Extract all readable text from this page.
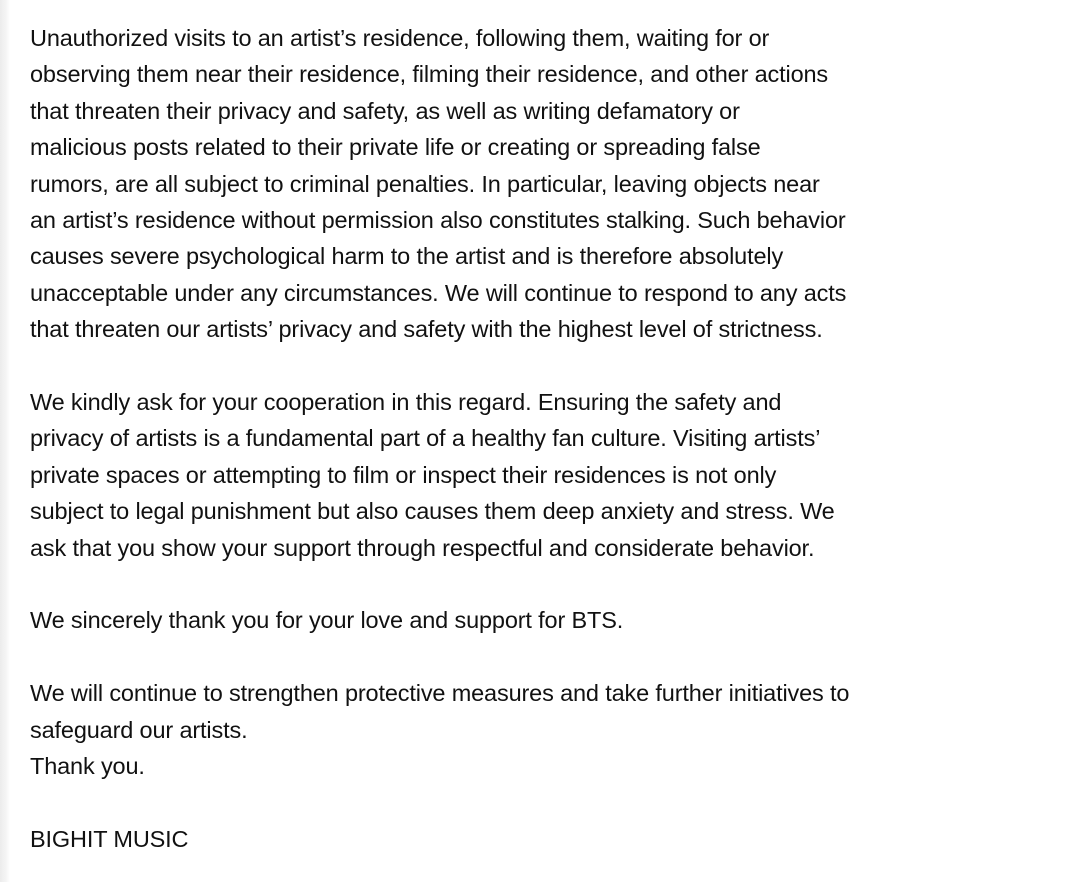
Unauthorized visits to an artist’s residence, following them, waiting for or
observing them near their residence, filming their residence, and other actions
that threaten their privacy and safety, as well as writing defamatory or
malicious posts related to their private life or creating or spreading false
rumors, are all subject to criminal penalties. In particular, leaving objects near
an artist’s residence without permission also constitutes stalking. Such behavior
causes severe psychological harm to the artist and is therefore absolutely
unacceptable under any circumstances. We will continue to respond to any acts
that threaten our artists’ privacy and safety with the highest level of strictness.

We kindly ask for your cooperation in this regard. Ensuring the safety and
privacy of artists is a fundamental part of a healthy fan culture. Visiting artists’
private spaces or attempting to film or inspect their residences is not only
subject to legal punishment but also causes them deep anxiety and stress. We
ask that you show your support through respectful and considerate behavior.

We sincerely thank you for your love and support for BTS.

We will continue to strengthen protective measures and take further initiatives to
safeguard our artists.
Thank you.

BIGHIT MUSIC
